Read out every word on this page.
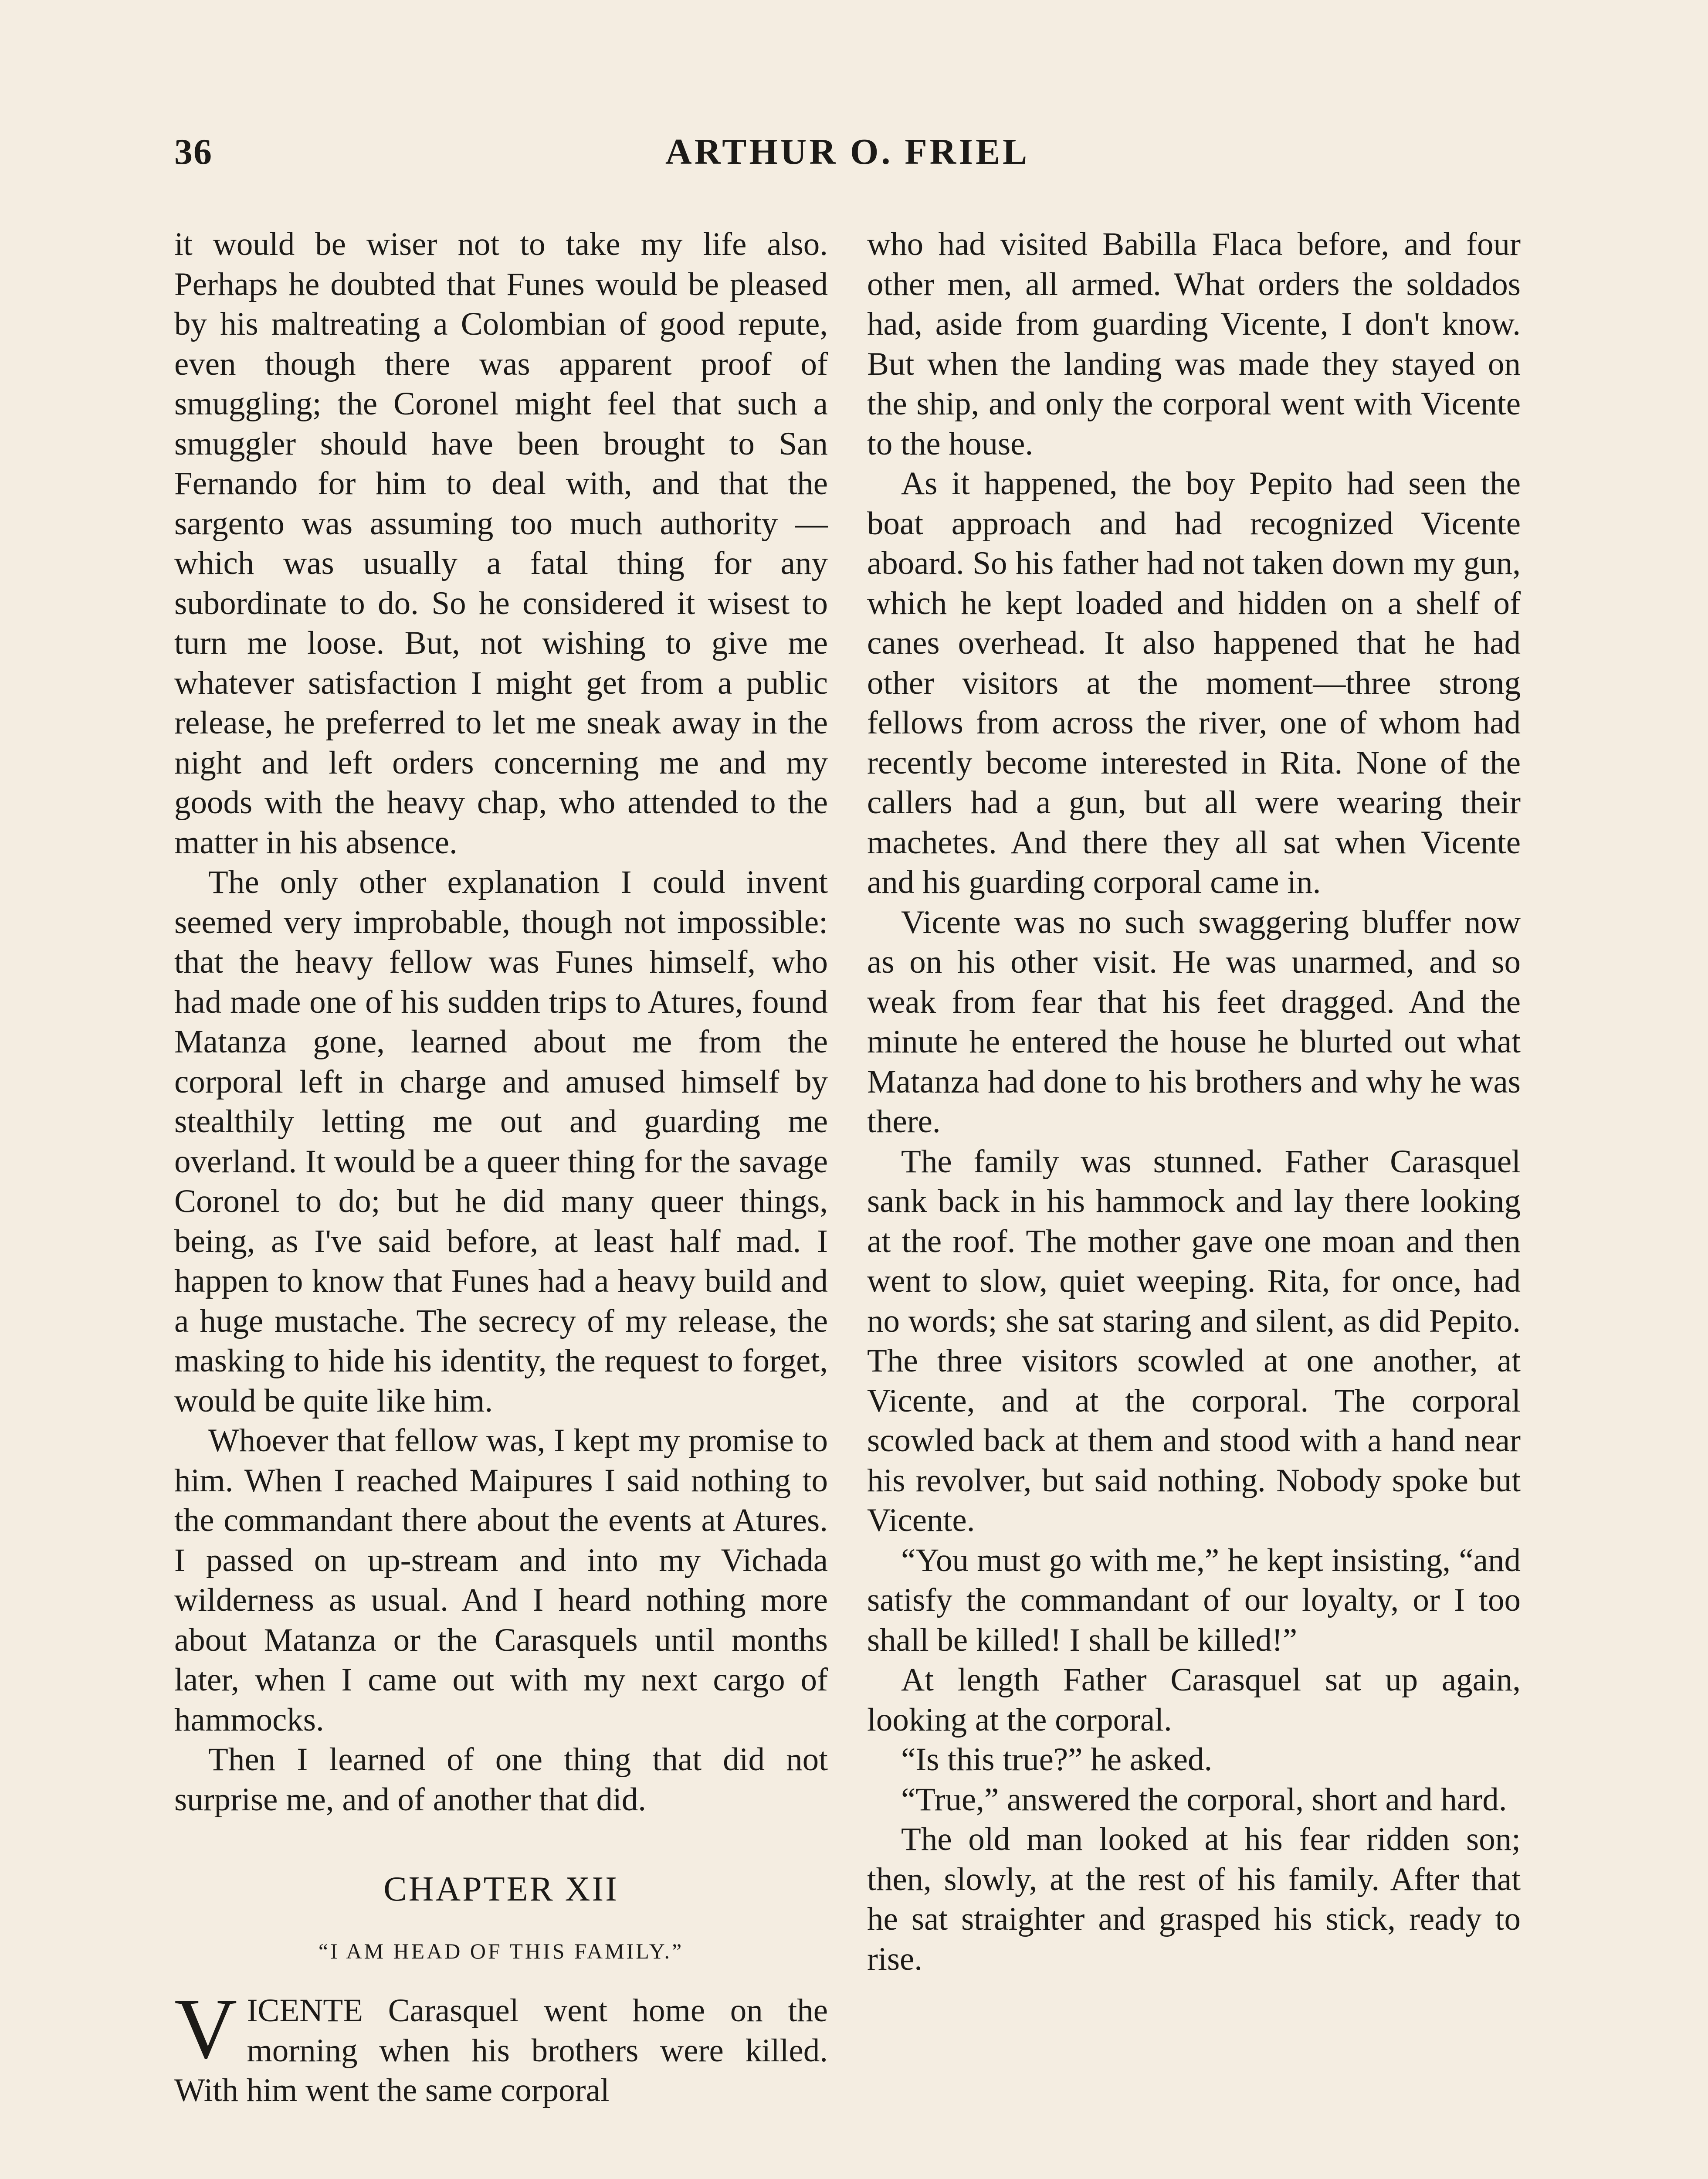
36	ARTHUR O. FRIEL

it would be wiser not to take my life also. Perhaps he doubted that Funes would be pleased by his maltreating a Colombian of good repute, even though there was apparent proof of smuggling; the Coronel might feel that such a smuggler should have been brought to San Fernando for him to deal with, and that the sargento was assuming too much authority —which was usually a fatal thing for any subordinate to do. So he considered it wisest to turn me loose. But, not wishing to give me whatever satisfaction I might get from a public release, he preferred to let me sneak away in the night and left orders concerning me and my goods with the heavy chap, who attended to the matter in his absence.

The only other explanation I could invent seemed very improbable, though not impossible: that the heavy fellow was Funes himself, who had made one of his sudden trips to Atures, found Matanza gone, learned about me from the corporal left in charge and amused himself by stealthily letting me out and guarding me overland. It would be a queer thing for the savage Coronel to do; but he did many queer things, being, as I've said before, at least half mad. I happen to know that Funes had a heavy build and a huge mustache. The secrecy of my release, the masking to hide his identity, the request to forget, would be quite like him.

Whoever that fellow was, I kept my promise to him. When I reached Maipures I said nothing to the commandant there about the events at Atures. I passed on up-stream and into my Vichada wilderness as usual. And I heard nothing more about Matanza or the Carasquels until months later, when I came out with my next cargo of hammocks.

Then I learned of one thing that did not surprise me, and of another that did.

CHAPTER XII
“I AM HEAD OF THIS FAMILY.”

VICENTE Carasquel went home on the morning when his brothers were killed. With him went the same corporal

who had visited Babilla Flaca before, and four other men, all armed. What orders the soldados had, aside from guarding Vicente, I don't know. But when the landing was made they stayed on the ship, and only the corporal went with Vicente to the house.

As it happened, the boy Pepito had seen the boat approach and had recognized Vicente aboard. So his father had not taken down my gun, which he kept loaded and hidden on a shelf of canes overhead. It also happened that he had other visitors at the moment—three strong fellows from across the river, one of whom had recently become interested in Rita. None of the callers had a gun, but all were wearing their machetes. And there they all sat when Vicente and his guarding corporal came in.

Vicente was no such swaggering bluffer now as on his other visit. He was unarmed, and so weak from fear that his feet dragged. And the minute he entered the house he blurted out what Matanza had done to his brothers and why he was there.

The family was stunned. Father Carasquel sank back in his hammock and lay there looking at the roof. The mother gave one moan and then went to slow, quiet weeping. Rita, for once, had no words; she sat staring and silent, as did Pepito. The three visitors scowled at one another, at Vicente, and at the corporal. The corporal scowled back at them and stood with a hand near his revolver, but said nothing. Nobody spoke but Vicente.

“You must go with me,” he kept insisting, “and satisfy the commandant of our loyalty, or I too shall be killed! I shall be killed!”

At length Father Carasquel sat up again, looking at the corporal.

“Is this true?” he asked.

“True,” answered the corporal, short and hard.

The old man looked at his fear ridden son; then, slowly, at the rest of his family. After that he sat straighter and grasped his stick, ready to rise.
